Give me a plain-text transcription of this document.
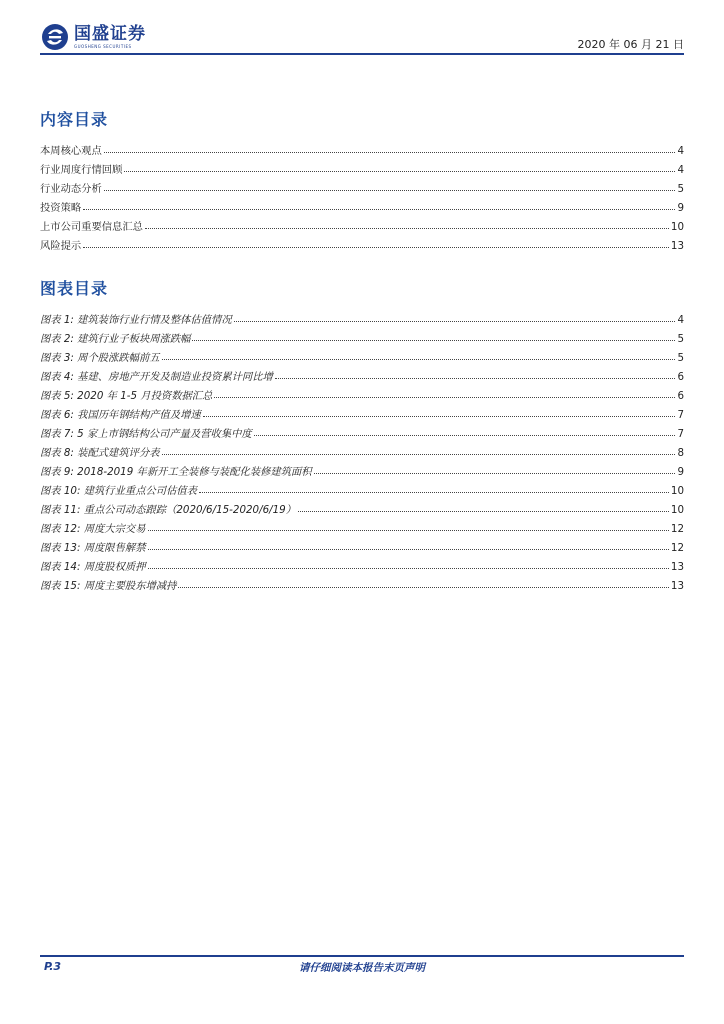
国盛证券
GUOSHENG SECURITIES	2020 年 06 月 21 日
内容目录
本周核心观点	4
行业周度行情回顾	4
行业动态分析	5
投资策略	9
上市公司重要信息汇总	10
风险提示	13
图表目录
图表 1: 建筑装饰行业行情及整体估值情况	4
图表 2: 建筑行业子板块周涨跌幅	5
图表 3: 周个股涨跌幅前五	5
图表 4: 基建、房地产开发及制造业投资累计同比增	6
图表 5: 2020 年 1-5 月投资数据汇总	6
图表 6: 我国历年钢结构产值及增速	7
图表 7: 5 家上市钢结构公司产量及营收集中度	7
图表 8: 装配式建筑评分表	8
图表 9: 2018-2019 年新开工全装修与装配化装修建筑面积	9
图表 10: 建筑行业重点公司估值表	10
图表 11: 重点公司动态跟踪（2020/6/15-2020/6/19）	10
图表 12: 周度大宗交易	12
图表 13: 周度限售解禁	12
图表 14: 周度股权质押	13
图表 15: 周度主要股东增减持	13
P.3	请仔细阅读本报告末页声明
